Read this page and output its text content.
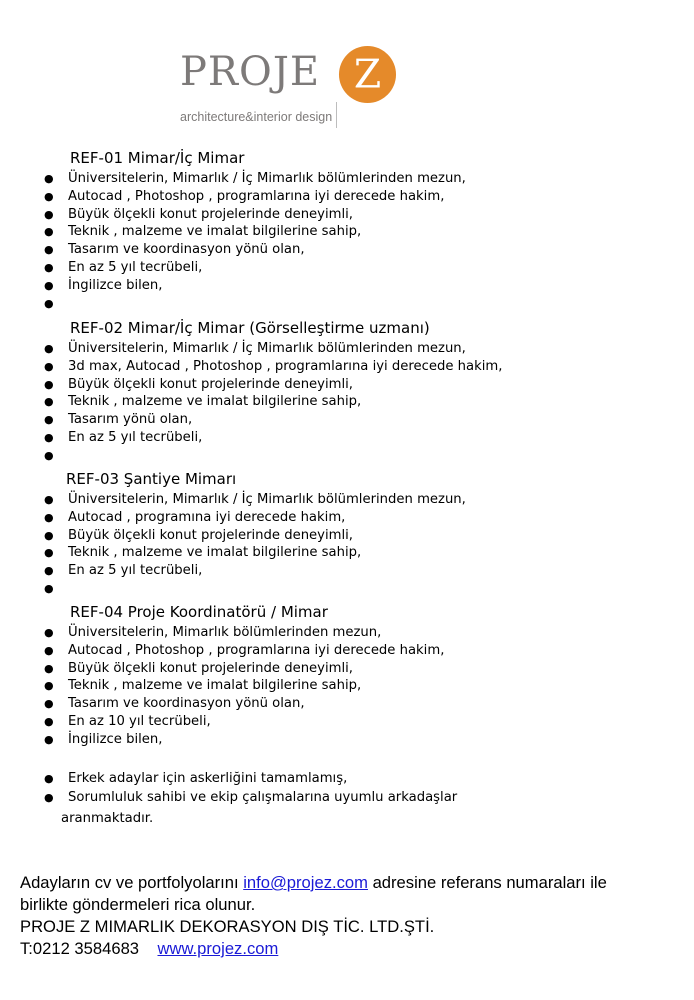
PROJE Z
architecture&interior design
REF-01 Mimar/İç Mimar
● Üniversitelerin, Mimarlık / İç Mimarlık bölümlerinden mezun,
● Autocad , Photoshop , programlarına iyi derecede hakim,
● Büyük ölçekli konut projelerinde deneyimli,
● Teknik , malzeme ve imalat bilgilerine sahip,
● Tasarım ve koordinasyon yönü olan,
● En az 5 yıl tecrübeli,
● İngilizce bilen,
●
REF-02 Mimar/İç Mimar (Görselleştirme uzmanı)
● Üniversitelerin, Mimarlık / İç Mimarlık bölümlerinden mezun,
● 3d max, Autocad , Photoshop , programlarına iyi derecede hakim,
● Büyük ölçekli konut projelerinde deneyimli,
● Teknik , malzeme ve imalat bilgilerine sahip,
● Tasarım yönü olan,
● En az 5 yıl tecrübeli,
●
REF-03 Şantiye Mimarı
● Üniversitelerin, Mimarlık / İç Mimarlık bölümlerinden mezun,
● Autocad , programına iyi derecede hakim,
● Büyük ölçekli konut projelerinde deneyimli,
● Teknik , malzeme ve imalat bilgilerine sahip,
● En az 5 yıl tecrübeli,
●
REF-04 Proje Koordinatörü / Mimar
● Üniversitelerin, Mimarlık bölümlerinden mezun,
● Autocad , Photoshop , programlarına iyi derecede hakim,
● Büyük ölçekli konut projelerinde deneyimli,
● Teknik , malzeme ve imalat bilgilerine sahip,
● Tasarım ve koordinasyon yönü olan,
● En az 10 yıl tecrübeli,
● İngilizce bilen,
● Erkek adaylar için askerliğini tamamlamış,
● Sorumluluk sahibi ve ekip çalışmalarına uyumlu arkadaşlar
aranmaktadır.
Adayların cv ve portfolyolarını info@projez.com adresine referans numaraları ile
birlikte göndermeleri rica olunur.
PROJE Z MIMARLIK DEKORASYON DIŞ TİC. LTD.ŞTİ.
T:0212 3584683 www.projez.com
